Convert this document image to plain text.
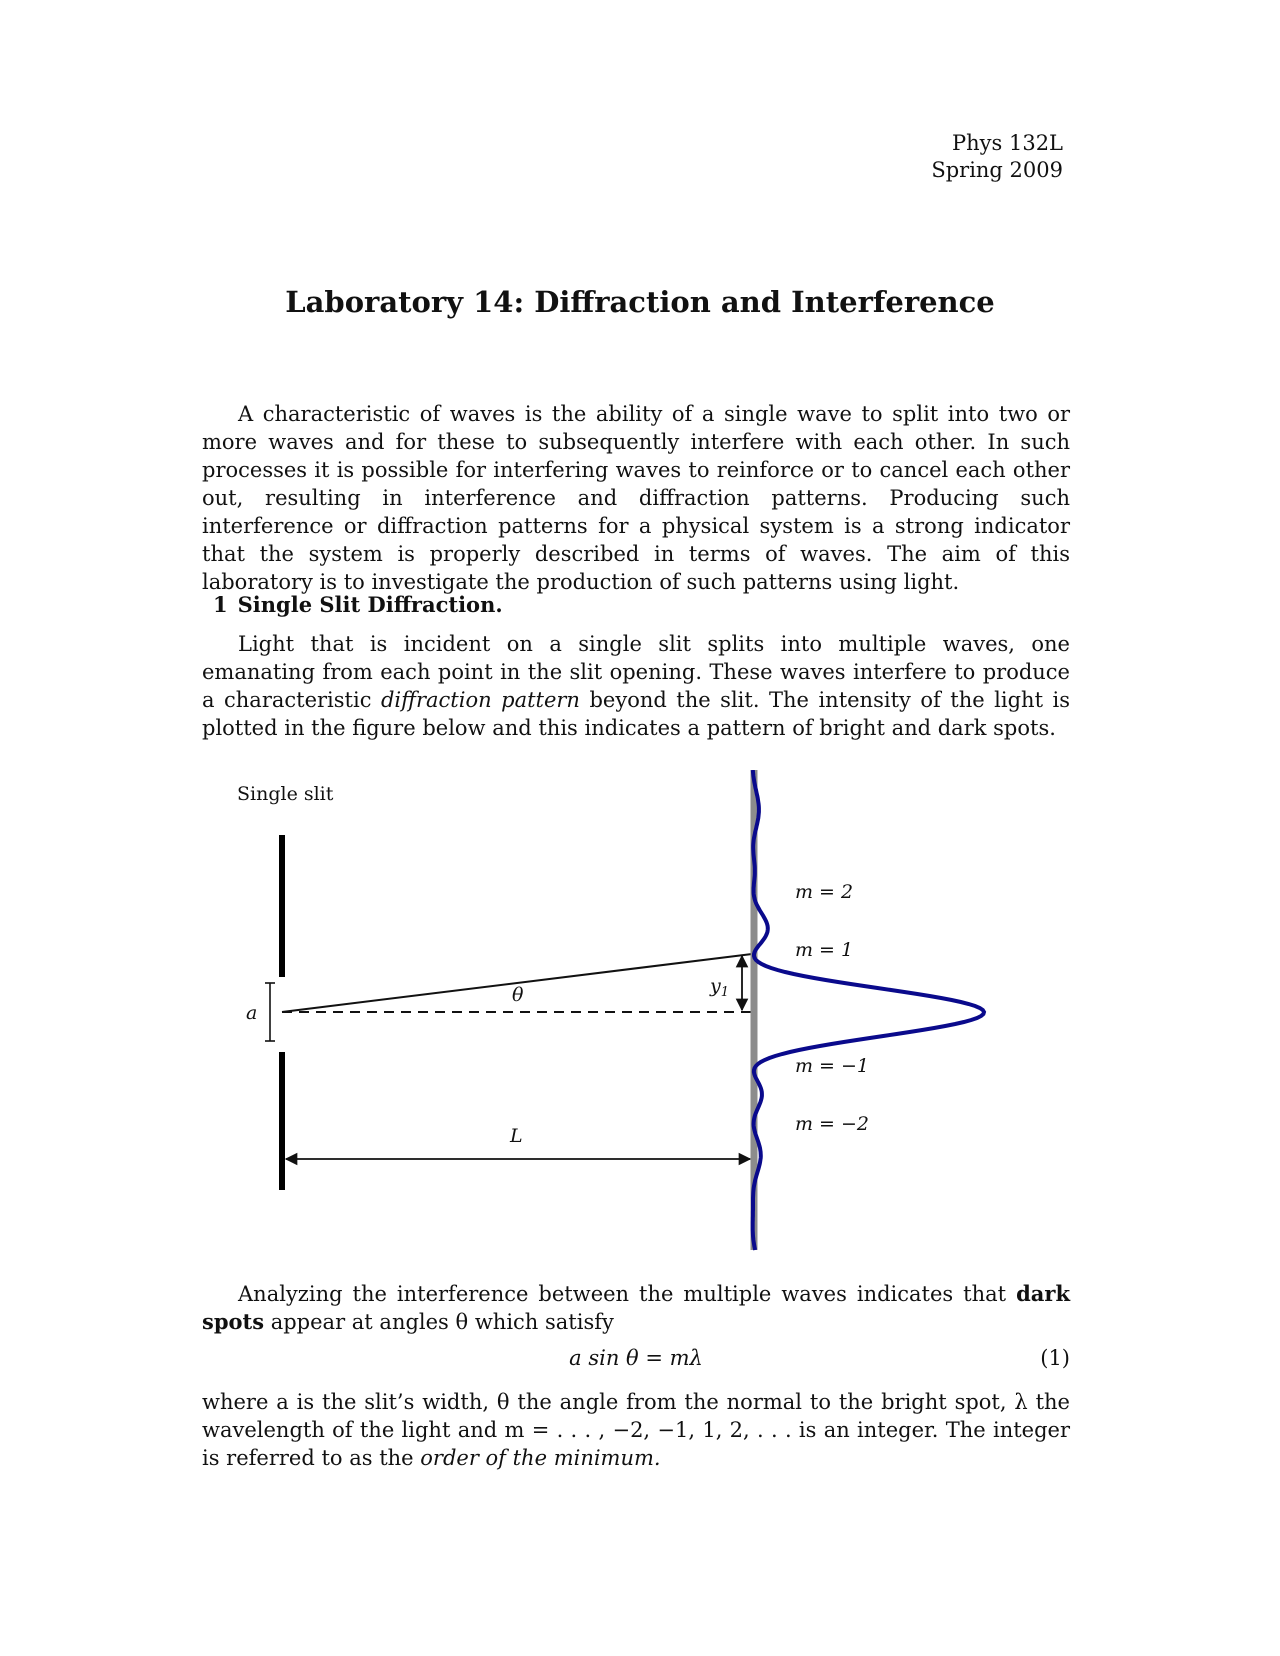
Phys 132L
Spring 2009
Laboratory 14: Diffraction and Interference

A characteristic of waves is the ability of a single wave to split into two or more waves and for these to subsequently interfere with each other. In such processes it is possible for interfering waves to reinforce or to cancel each other out, resulting in interference and diffraction patterns. Producing such interference or diffraction patterns for a physical system is a strong indicator that the system is properly described in terms of waves. The aim of this laboratory is to investigate the production of such patterns using light.

1 Single Slit Diffraction.

Light that is incident on a single slit splits into multiple waves, one emanating from each point in the slit opening. These waves interfere to produce a characteristic diffraction pattern beyond the slit. The intensity of the light is plotted in the figure below and this indicates a pattern of bright and dark spots.

Single slit
a
θ	$y_1$
L
m = 2
m = 1
m = −1
m = −2

Analyzing the interference between the multiple waves indicates that dark spots appear at angles θ which satisfy

a sin θ = mλ	(1)

where a is the slit’s width, θ the angle from the normal to the bright spot, λ the wavelength of the light and m = . . . , −2, −1, 1, 2, . . . is an integer. The integer is referred to as the order of the minimum.
